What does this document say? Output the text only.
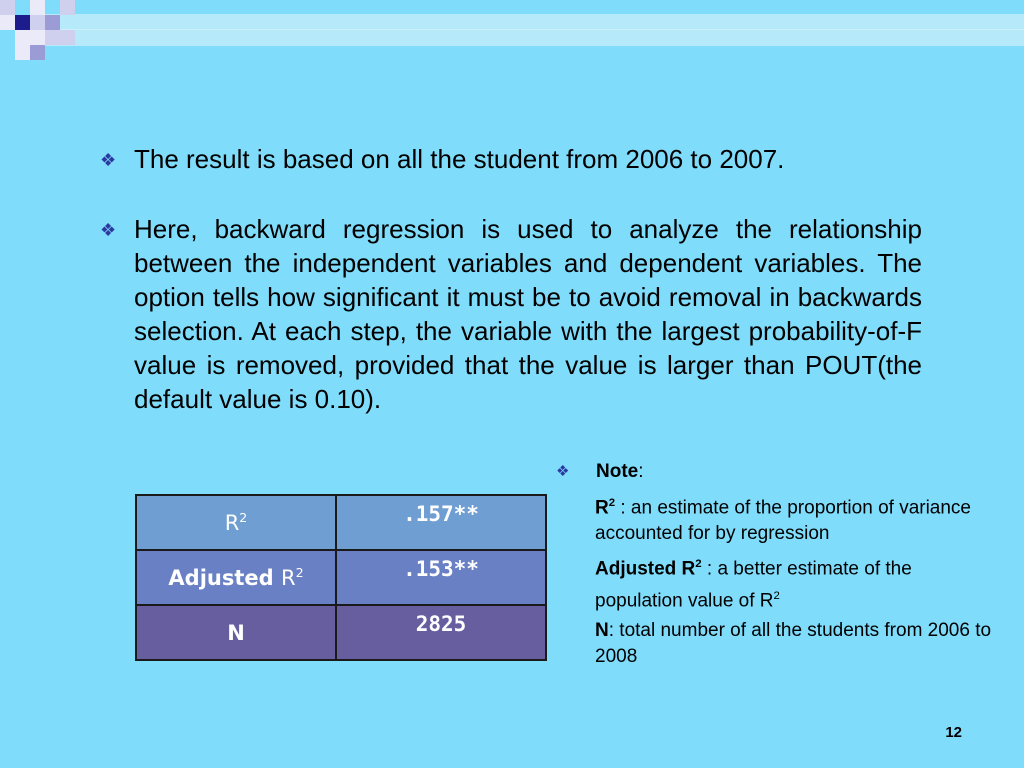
❖ The result is based on all the student from 2006 to 2007.
❖ Here, backward regression is used to analyze the relationship between the independent variables and dependent variables. The option tells how significant it must be to avoid removal in backwards selection. At each step, the variable with the largest probability-of-F value is removed, provided that the value is larger than POUT(the default value is 0.10).
$R^2$	.157**
Adjusted $R^2$	.153**
N	2825
❖	Note:
$R^2$ : an estimate of the proportion of variance accounted for by regression
Adjusted $R^2$ : a better estimate of the population value of $R^2$
N: total number of all the students from 2006 to 2008
12
